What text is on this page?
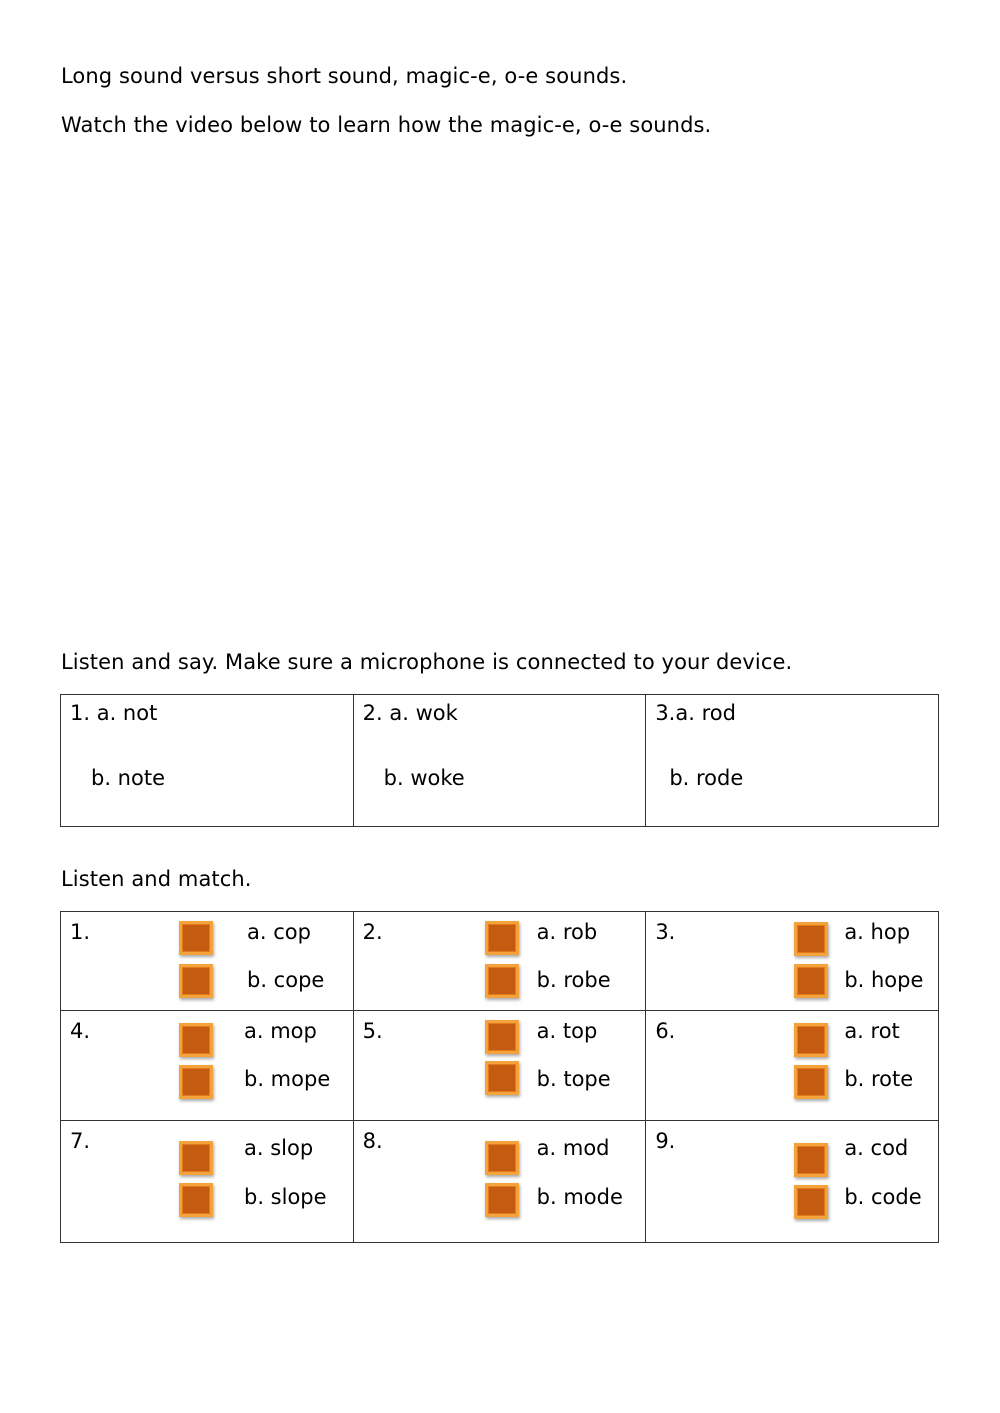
Long sound versus short sound, magic-e, o-e sounds.
Watch the video below to learn how the magic-e, o-e sounds.
Listen and say. Make sure a microphone is connected to your device.
1. a. not
b. note

2. a. wok
b. woke

3.a. rod
b. rode
Listen and match.
1. a. cop
b. cope	2. a. rob
b. robe	3. a. hop
b. hope

4. a. mop
b. mope	5. a. top
b. tope	6. a. rot
b. rote

7. a. slop
b. slope	8. a. mod
b. mode	9. a. cod
b. code
